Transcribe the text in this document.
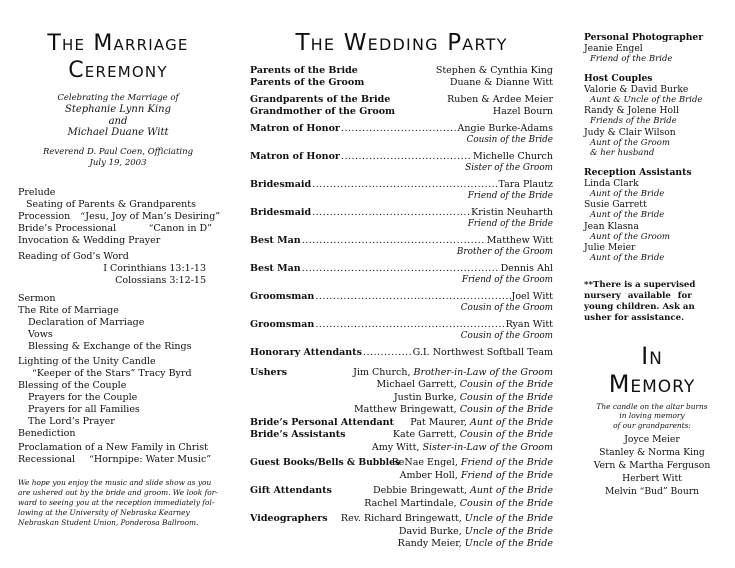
The Marriage
Ceremony
Celebrating the Marriage of
Stephanie Lynn King
and
Michael Duane Witt
Reverend D. Paul Coen, Officiating
July 19, 2003
Prelude
Seating of Parents & Grandparents
Procession “Jesu, Joy of Man’s Desiring”
Bride’s Processional	“Canon in D”
Invocation & Wedding Prayer
Reading of God’s Word
I Corinthians 13:1-13
Colossians 3:12-15
Sermon
The Rite of Marriage
Declaration of Marriage
Vows
Blessing & Exchange of the Rings
Lighting of the Unity Candle
“Keeper of the Stars” Tracy Byrd
Blessing of the Couple
Prayers for the Couple
Prayers for all Families
The Lord’s Prayer
Benediction
Proclamation of a New Family in Christ
Recessional “Hornpipe: Water Music”
We hope you enjoy the music and slide show as you
are ushered out by the bride and groom. We look for-
ward to seeing you at the reception immediately fol-
lowing at the University of Nebraska Kearney
Nebraskan Student Union, Ponderosa Ballroom.
The Wedding Party
Parents of the Bride	Stephen & Cynthia King
Parents of the Groom	Duane & Dianne Witt
Grandparents of the Bride	Ruben & Ardee Meier
Grandmother of the Groom	Hazel Bourn
Matron of Honor .....	Angie Burke-Adams
Cousin of the Bride
Matron of Honor .....	Michelle Church
Sister of the Groom
Bridesmaid .....	Tara Plautz
Friend of the Bride
Bridesmaid .....	Kristin Neuharth
Friend of the Bride
Best Man .....	Matthew Witt
Brother of the Groom
Best Man .....	Dennis Ahl
Friend of the Groom
Groomsman .....	Joel Witt
Cousin of the Groom
Groomsman .....	Ryan Witt
Cousin of the Groom
Honorary Attendants .....	G.I. Northwest Softball Team
Ushers	Jim Church, Brother-in-Law of the Groom
Michael Garrett, Cousin of the Bride
Justin Burke, Cousin of the Bride
Matthew Bringewatt, Cousin of the Bride
Bride’s Personal Attendant Pat Maurer, Aunt of the Bride
Bride’s Assistants	Kate Garrett, Cousin of the Bride
Amy Witt, Sister-in-Law of the Groom
Guest Books/Bells & Bubbles
ReNae Engel, Friend of the Bride
Amber Holl, Friend of the Bride
Gift Attendants	Debbie Bringewatt, Aunt of the Bride
Rachel Martindale, Cousin of the Bride
Videographers	Rev. Richard Bringewatt, Uncle of the Bride
David Burke, Uncle of the Bride
Randy Meier, Uncle of the Bride
Personal Photographer
Jeanie Engel
Friend of the Bride
Host Couples
Valorie & David Burke
Aunt & Uncle of the Bride
Randy & Jolene Holl
Friends of the Bride
Judy & Clair Wilson
Aunt of the Groom
& her husband
Reception Assistants
Linda Clark
Aunt of the Bride
Susie Garrett
Aunt of the Bride
Jean Klasna
Aunt of the Groom
Julie Meier
Aunt of the Bride
**There is a supervised
nursery available for
young children. Ask an
usher for assistance.
In
Memory
The candle on the altar burns
in loving memory
of our grandparents:
Joyce Meier
Stanley & Norma King
Vern & Martha Ferguson
Herbert Witt
Melvin “Bud” Bourn
